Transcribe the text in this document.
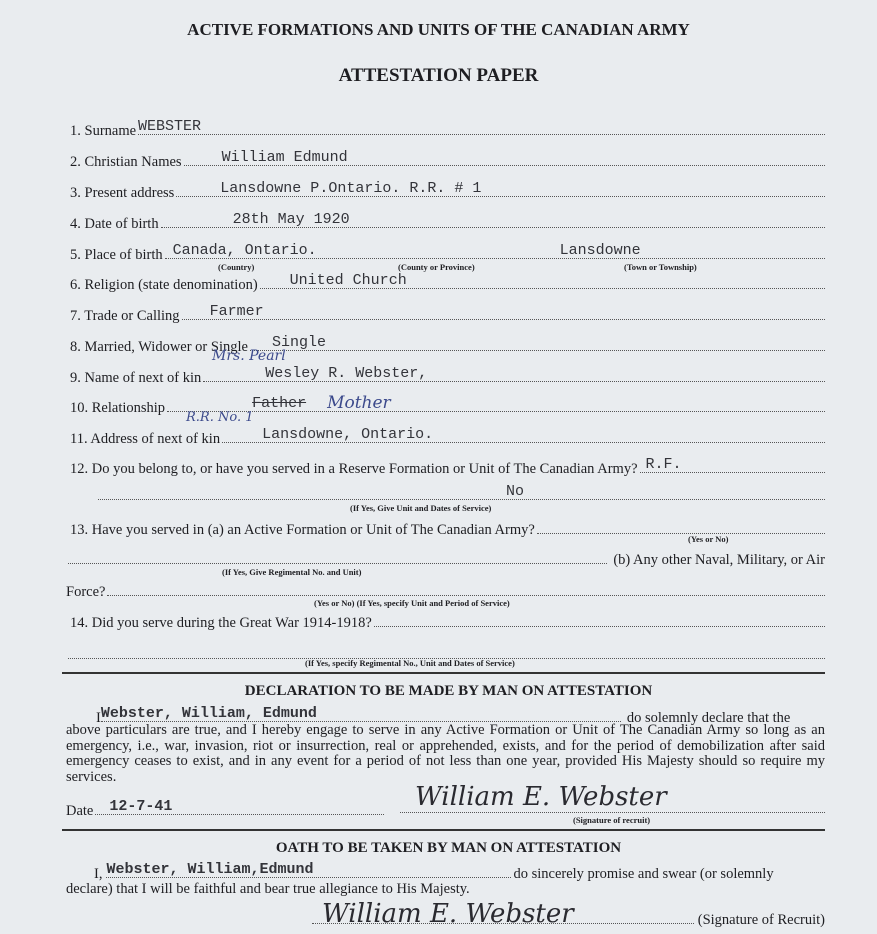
ACTIVE FORMATIONS AND UNITS OF THE CANADIAN ARMY
ATTESTATION PAPER
1. Surname WEBSTER
2. Christian Names	William Edmund
3. Present address	Lansdowne P.Ontario. R.R. # 1
4. Date of birth	28th May 1920
5. Place of birth Canada, Ontario.	Lansdowne
(Country)	(County or Province)	(Town or Township)
6. Religion (state denomination) United Church
7. Trade or Calling Farmer
8. Married, Widower or Single Single
Mrs. Pearl
9. Name of next of kin	Wesley R. Webster,
10. Relationship	Father Mother
R.R. No. 1
11. Address of next of kin	Lansdowne, Ontario.
12. Do you belong to, or have you served in a Reserve Formation or Unit of The Canadian Army? R.F.
No
(If Yes, Give Unit and Dates of Service)
13. Have you served in (a) an Active Formation or Unit of The Canadian Army?
(Yes or No)
(b) Any other Naval, Military, or Air
(If Yes, Give Regimental No. and Unit)
Force?
(Yes or No) (If Yes, specify Unit and Period of Service)
14. Did you serve during the Great War 1914-1918?
(If Yes, specify Regimental No., Unit and Dates of Service)
DECLARATION TO BE MADE BY MAN ON ATTESTATION
I Webster, William, Edmund	do solemnly declare that the
above particulars are true, and I hereby engage to serve in any Active Formation or Unit of The Canadian Army so long as an emergency, i.e., war, invasion, riot or insurrection, real or apprehended, exists, and for the period of demobilization after said emergency ceases to exist, and in any event for a period of not less than one year, provided His Majesty should so require my services.
Date 12-7-41	William E. Webster
(Signature of recruit)
OATH TO BE TAKEN BY MAN ON ATTESTATION
I, Webster, William,Edmund	do sincerely promise and swear (or solemnly
declare) that I will be faithful and bear true allegiance to His Majesty.
William E. Webster	(Signature of Recruit)
